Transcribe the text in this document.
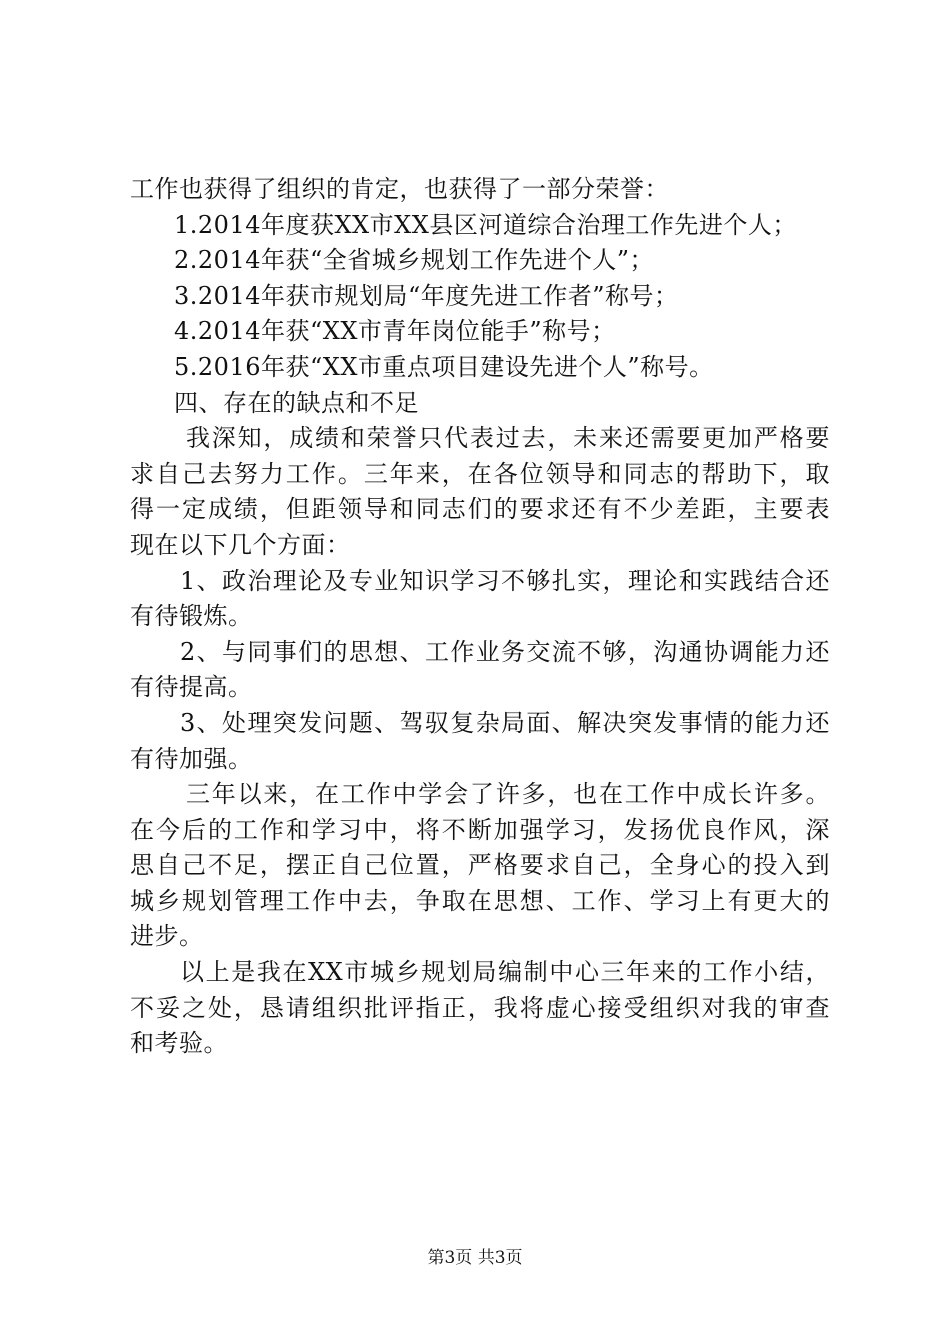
工作也获得了组织的肯定，也获得了一部分荣誉：
1.2014年度获XX市XX县区河道综合治理工作先进个人；
2.2014年获“全省城乡规划工作先进个人”；
3.2014年获市规划局“年度先进工作者”称号；
4.2014年获“XX市青年岗位能手”称号；
5.2016年获“XX市重点项目建设先进个人”称号。
四、存在的缺点和不足
我深知，成绩和荣誉只代表过去，未来还需要更加严格要
求自己去努力工作。三年来，在各位领导和同志的帮助下，取
得一定成绩，但距领导和同志们的要求还有不少差距，主要表
现在以下几个方面：
1、政治理论及专业知识学习不够扎实，理论和实践结合还
有待锻炼。
2、与同事们的思想、工作业务交流不够，沟通协调能力还
有待提高。
3、处理突发问题、驾驭复杂局面、解决突发事情的能力还
有待加强。
三年以来，在工作中学会了许多，也在工作中成长许多。
在今后的工作和学习中，将不断加强学习，发扬优良作风，深
思自己不足，摆正自己位置，严格要求自己，全身心的投入到
城乡规划管理工作中去，争取在思想、工作、学习上有更大的
进步。
以上是我在XX市城乡规划局编制中心三年来的工作小结，
不妥之处，恳请组织批评指正，我将虚心接受组织对我的审查
和考验。
第3页 共3页
